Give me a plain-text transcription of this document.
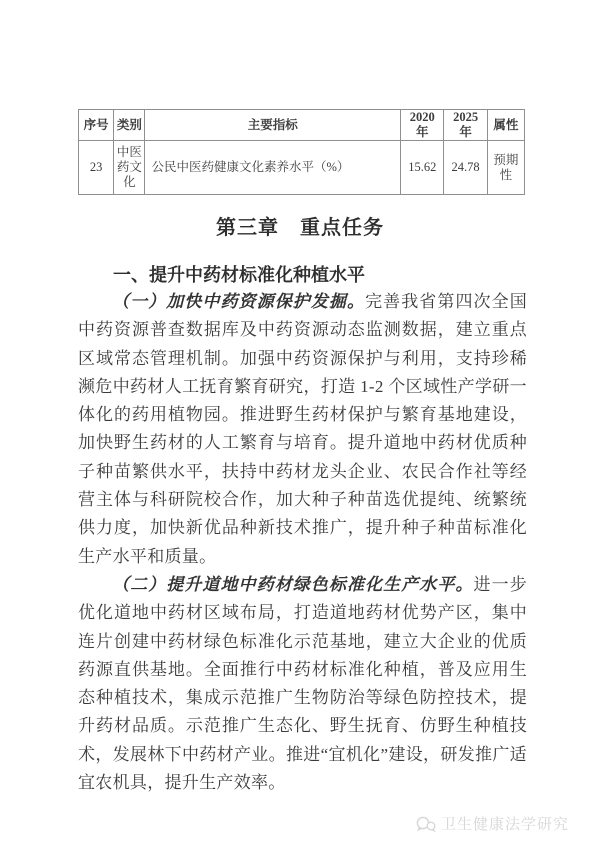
序号	类别	主要指标	2020 年	2025 年	属性
23	中医药文化	公民中医药健康文化素养水平（%）	15.62	24.78	预期性
第三章　重点任务
一、提升中药材标准化种植水平

（一）加快中药资源保护发掘。完善我省第四次全国中药资源普查数据库及中药资源动态监测数据，建立重点区域常态管理机制。加强中药资源保护与利用，支持珍稀濒危中药材人工抚育繁育研究，打造 1-2 个区域性产学研一体化的药用植物园。推进野生药材保护与繁育基地建设，加快野生药材的人工繁育与培育。提升道地中药材优质种子种苗繁供水平，扶持中药材龙头企业、农民合作社等经营主体与科研院校合作，加大种子种苗选优提纯、统繁统供力度，加快新优品种新技术推广，提升种子种苗标准化生产水平和质量。

（二）提升道地中药材绿色标准化生产水平。进一步优化道地中药材区域布局，打造道地药材优势产区，集中连片创建中药材绿色标准化示范基地，建立大企业的优质药源直供基地。全面推行中药材标准化种植，普及应用生态种植技术，集成示范推广生物防治等绿色防控技术，提升药材品质。示范推广生态化、野生抚育、仿野生种植技术，发展林下中药材产业。推进“宜机化”建设，研发推广适宜农机具，提升生产效率。

卫生健康法学研究
